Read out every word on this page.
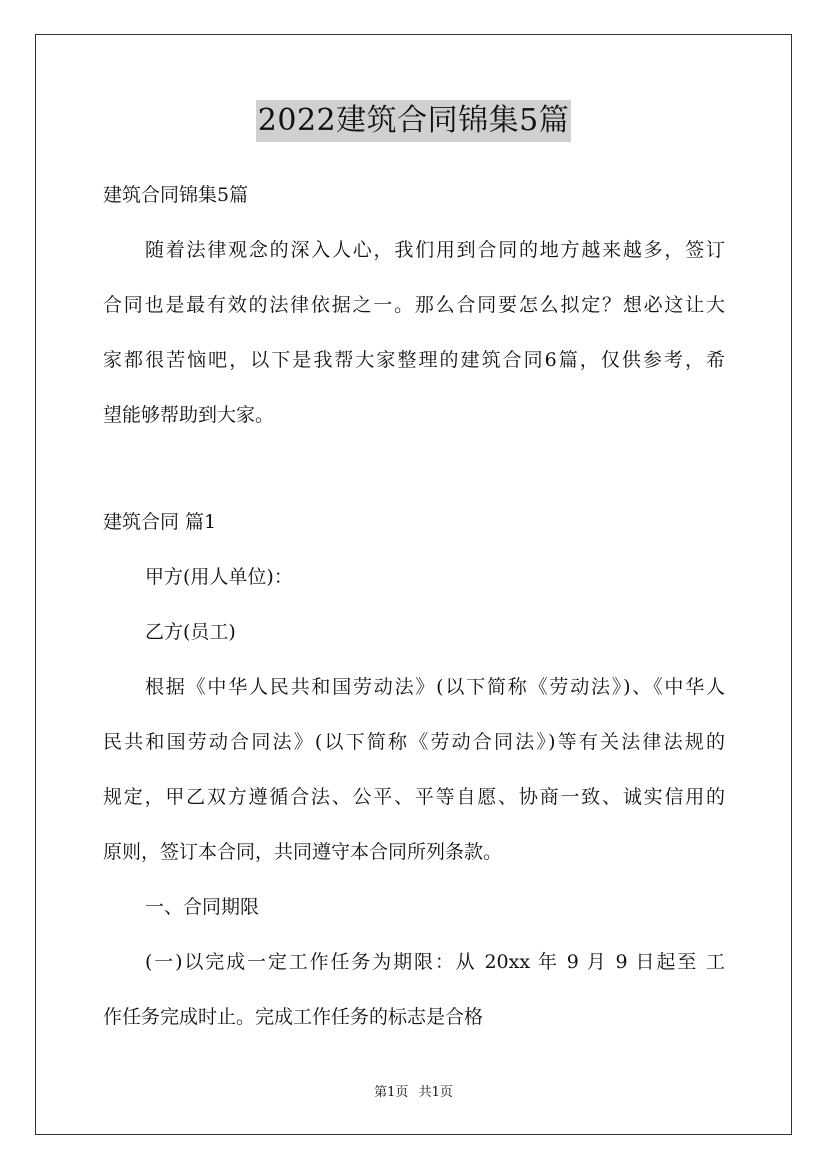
2022建筑合同锦集5篇
建筑合同锦集5篇
随着法律观念的深入人心，我们用到合同的地方越来越多，签订
合同也是最有效的法律依据之一。那么合同要怎么拟定？想必这让大
家都很苦恼吧，以下是我帮大家整理的建筑合同6篇，仅供参考，希
望能够帮助到大家。
建筑合同 篇1
甲方(用人单位)：
乙方(员工)
根据《中华人民共和国劳动法》(以下简称《劳动法》)、《中华人
民共和国劳动合同法》(以下简称《劳动合同法》)等有关法律法规的
规定，甲乙双方遵循合法、公平、平等自愿、协商一致、诚实信用的
原则，签订本合同，共同遵守本合同所列条款。
一、合同期限
(一)以完成一定工作任务为期限：从 20xx 年 9 月 9 日起至 工
作任务完成时止。完成工作任务的标志是合格
第1页 共1页
